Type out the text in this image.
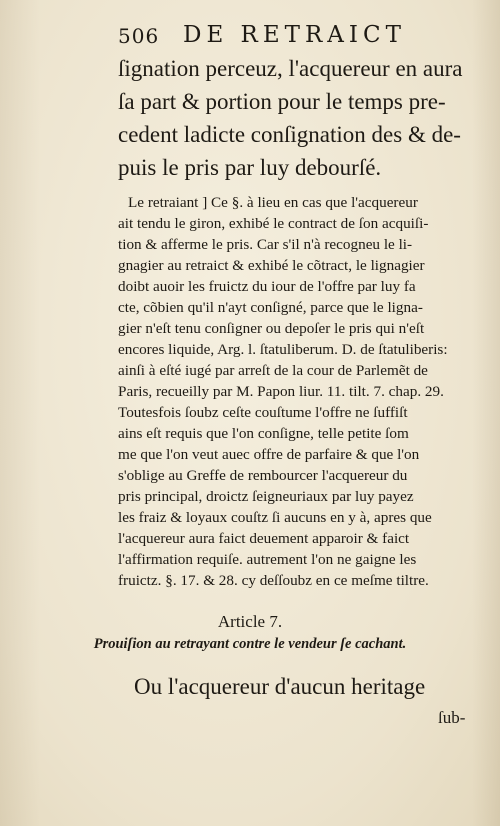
506 DE RETRAICT
ſignation perceuz, l'acquereur en aura
ſa part & portion pour le temps pre-
cedent ladicte conſignation des & de-
puis le pris par luy debourſé.
Le retraiant ] Ce §. à lieu en cas que l'acquereur
ait tendu le giron, exhibé le contract de ſon acquiſi-
tion & afferme le pris. Car s'il n'à recogneu le li-
gnagier au retraict & exhibé le cõtract, le lignagier
doibt auoir les fruictz du iour de l'offre par luy fa
cte, cõbien qu'il n'ayt conſigné, parce que le ligna-
gier n'eſt tenu conſigner ou depoſer le pris qui n'eſt
encores liquide, Arg. l. ſtatuliberum. D. de ſtatuliberis:
ainſi à eſté iugé par arreſt de la cour de Parlemẽt de
Paris, recueilly par M. Papon liur. 11. tilt. 7. chap. 29.
Toutesfois ſoubz ceſte couſtume l'offre ne ſuffiſt
ains eſt requis que l'on conſigne, telle petite ſom
me que l'on veut auec offre de parfaire & que l'on
s'oblige au Greffe de rembourcer l'acquereur du
pris principal, droictz ſeigneuriaux par luy payez
les fraiz & loyaux couſtz ſi aucuns en y à, apres que
l'acquereur aura faict deuement apparoir & faict
l'affirmation requiſe. autrement l'on ne gaigne les
fruictz. §. 17. & 28. cy deſſoubz en ce meſme tiltre.
Article 7.
Prouiſion au retrayant contre le vendeur ſe cachant.
Ou l'acquereur d'aucun heritage
ſub-
